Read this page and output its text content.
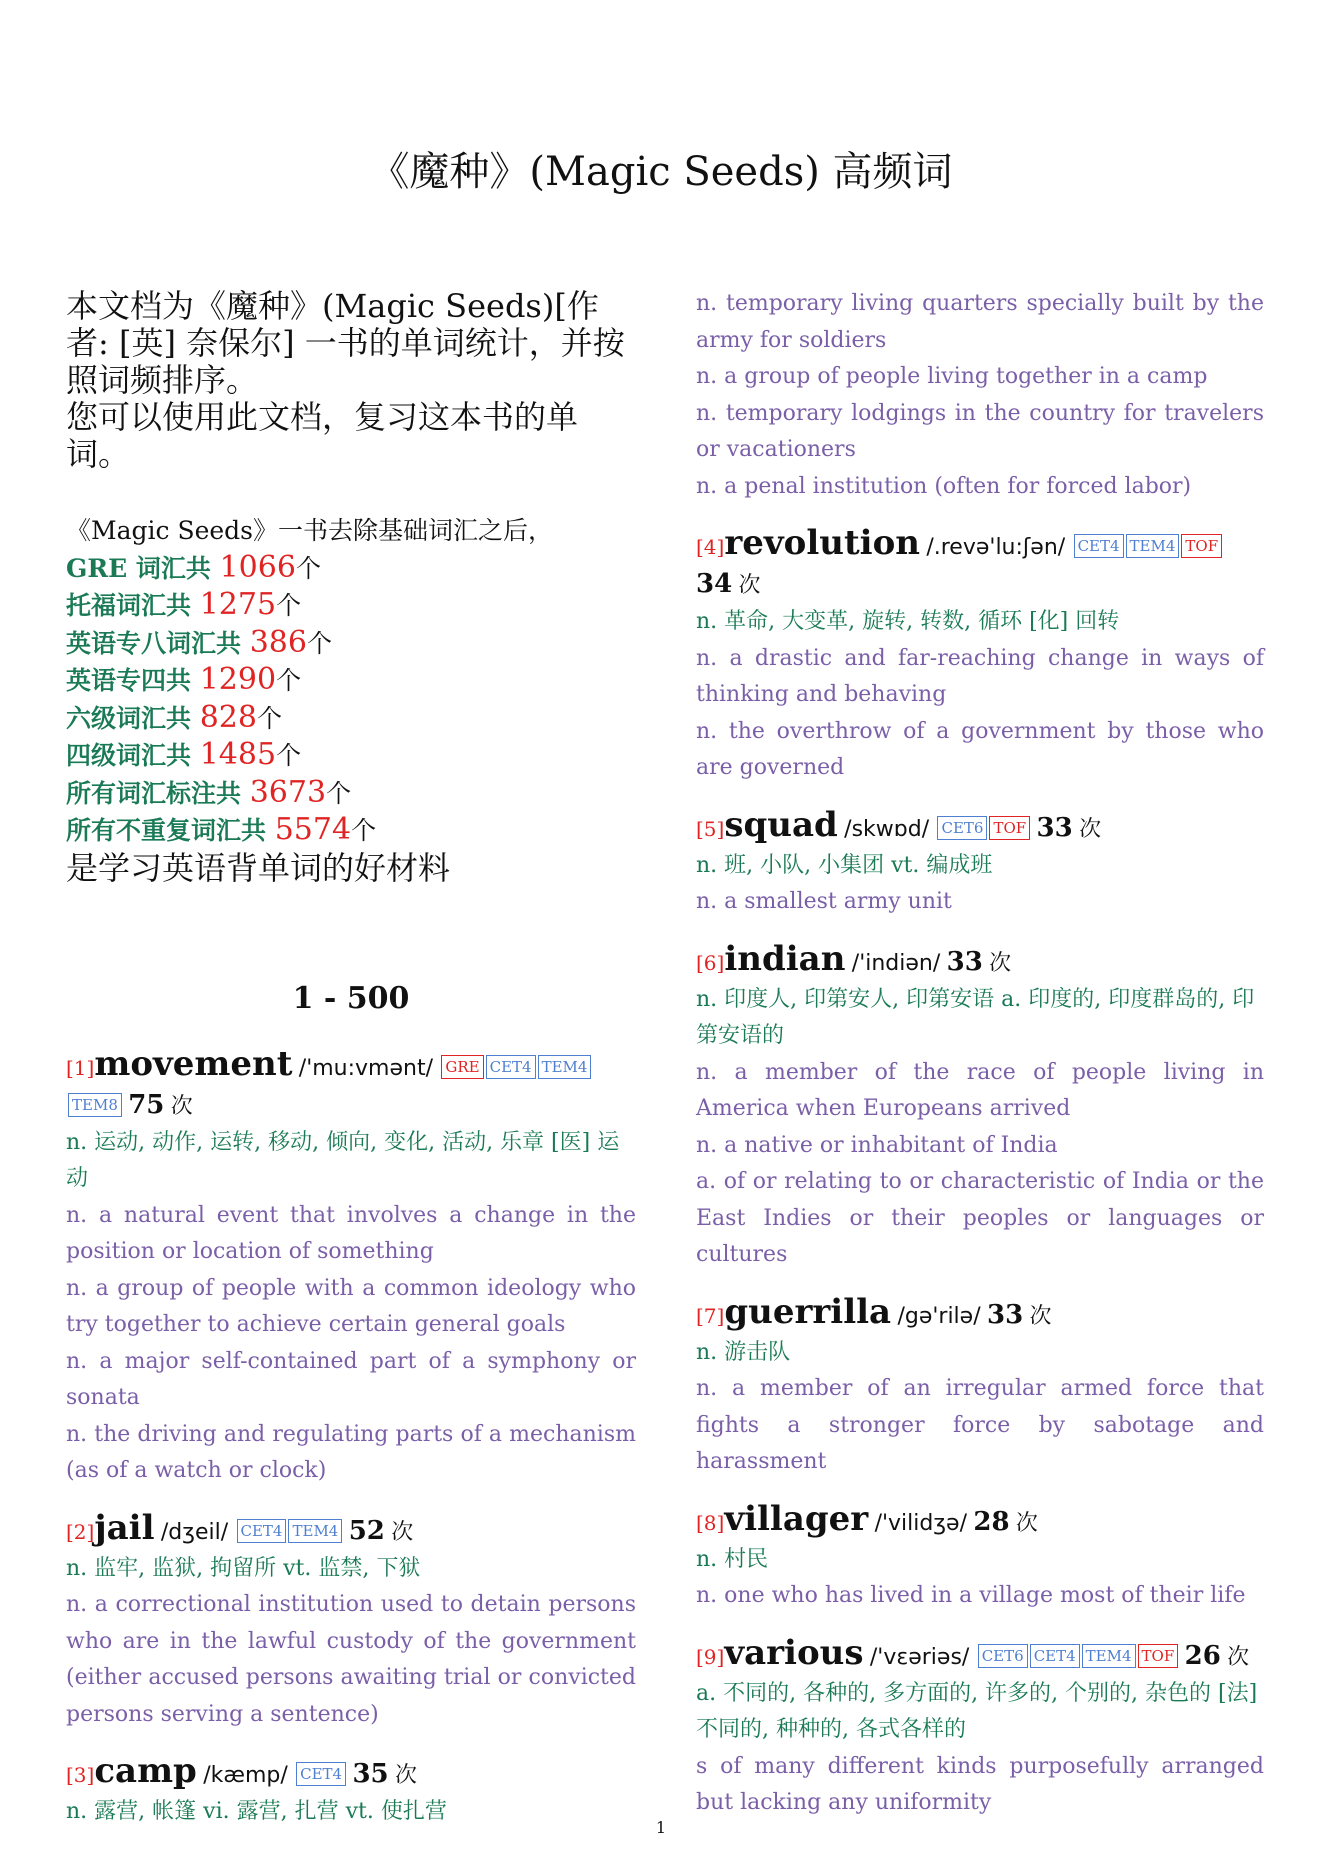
《魔种》(Magic Seeds) 高频词

本文档为《魔种》(Magic Seeds)[作者: [英] 奈保尔] 一书的单词统计，并按照词频排序。

您可以使用此文档，复习这本书的单词。

《Magic Seeds》一书去除基础词汇之后，
GRE 词汇共 1066个
托福词汇共 1275个
英语专八词汇共 386个
英语专四共 1290个
六级词汇共 828个
四级词汇共 1485个
所有词汇标注共 3673个
所有不重复词汇共 5574个
是学习英语背单词的好材料
1 - 500
[1]movement /'mu:vmənt/ GRE CET4 TEM4TEM8 75 次
n. 运动, 动作, 运转, 移动, 倾向, 变化, 活动, 乐章 [医] 运动
n. a natural event that involves a change in the position or location of something
n. a group of people with a common ideology who try together to achieve certain general goals
n. a major self-contained part of a symphony or sonata
n. the driving and regulating parts of a mechanism (as of a watch or clock)
[2]jail /dʒeil/ CET4 TEM4 52 次
n. 监牢, 监狱, 拘留所 vt. 监禁, 下狱
n. a correctional institution used to detain persons who are in the lawful custody of the government (either accused persons awaiting trial or convicted persons serving a sentence)
[3]camp /kæmp/ CET4 35 次
n. 露营, 帐篷 vi. 露营, 扎营 vt. 使扎营
n. temporary living quarters specially built by the army for soldiers
n. a group of people living together in a camp
n. temporary lodgings in the country for travelers or vacationers
n. a penal institution (often for forced labor)
[4]revolution /.revə'lu:ʃən/ CET4 TEM4 TOF 34 次
n. 革命, 大变革, 旋转, 转数, 循环 [化] 回转
n. a drastic and far-reaching change in ways of thinking and behaving
n. the overthrow of a government by those who are governed
[5]squad /skwɒd/ CET6 TOF 33 次
n. 班, 小队, 小集团 vt. 编成班
n. a smallest army unit
[6]indian /'indiən/ 33 次
n. 印度人, 印第安人, 印第安语 a. 印度的, 印度群岛的, 印第安语的
n. a member of the race of people living in America when Europeans arrived
n. a native or inhabitant of India
a. of or relating to or characteristic of India or the East Indies or their peoples or languages or cultures
[7]guerrilla /gə'rilə/ 33 次
n. 游击队
n. a member of an irregular armed force that fights a stronger force by sabotage and harassment
[8]villager /'vilidʒə/ 28 次
n. 村民
n. one who has lived in a village most of their life
[9]various /'vεəriəs/ CET6 CET4 TEM4 TOF 26 次
a. 不同的, 各种的, 多方面的, 许多的, 个别的, 杂色的 [法] 不同的, 种种的, 各式各样的
s of many different kinds purposefully arranged but lacking any uniformity
1
